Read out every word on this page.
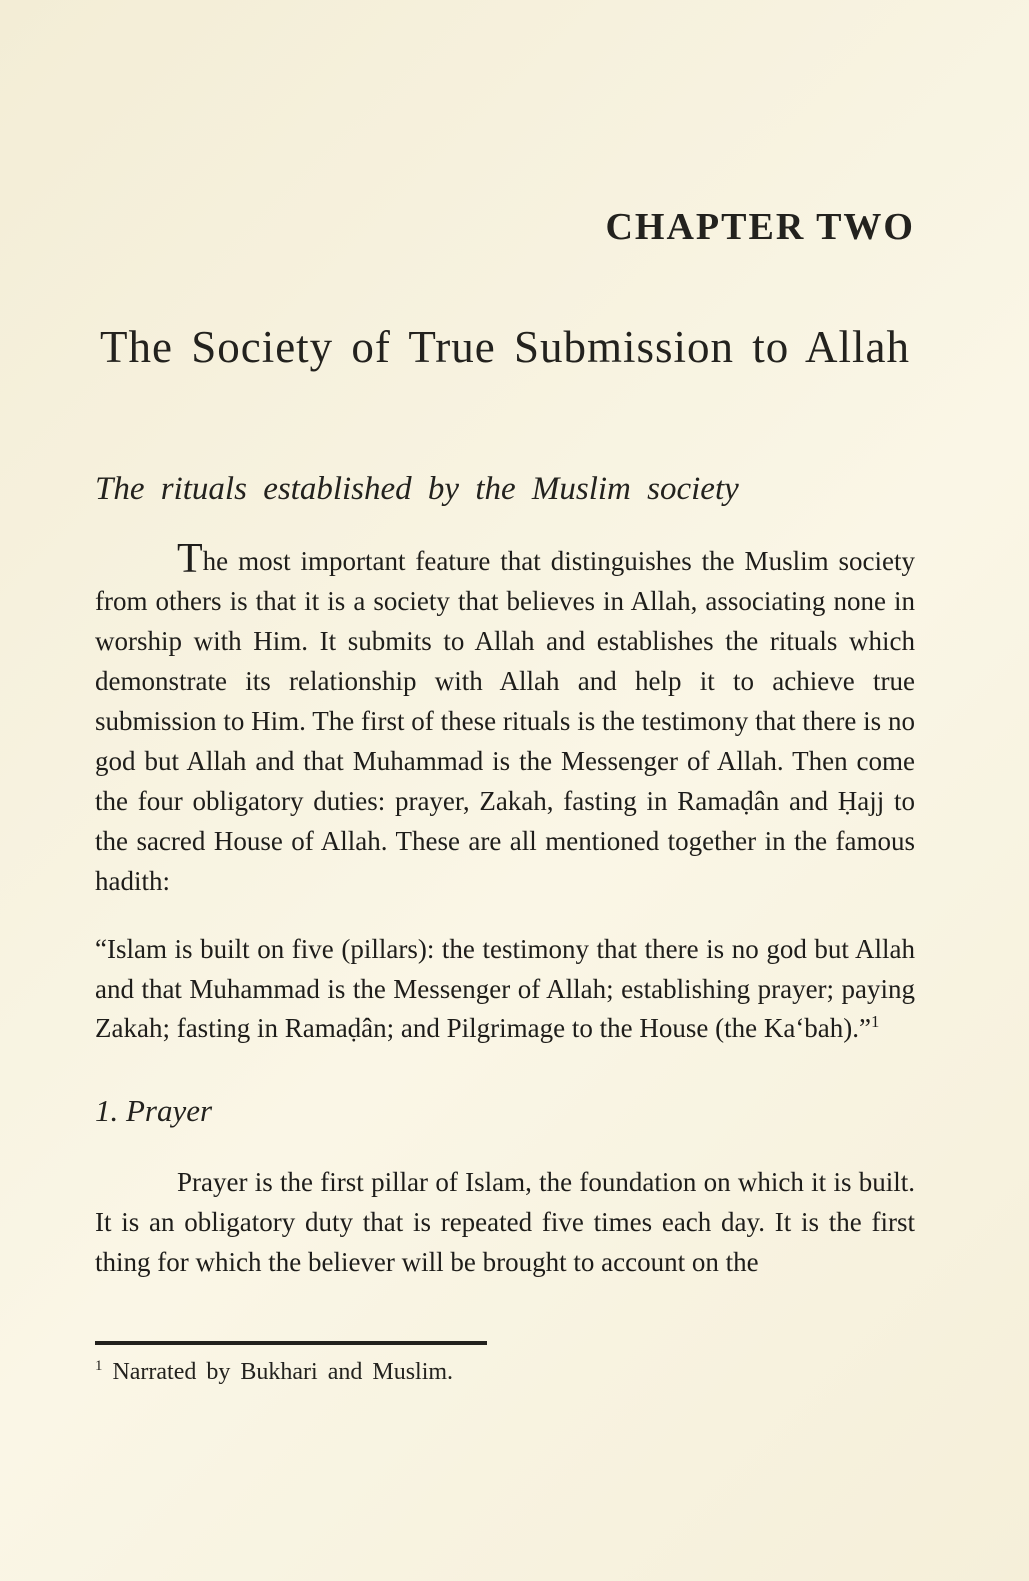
CHAPTER TWO
The Society of True Submission to Allah
The rituals established by the Muslim society

The most important feature that distinguishes the Muslim society from others is that it is a society that believes in Allah, associating none in worship with Him. It submits to Allah and establishes the rituals which demonstrate its relationship with Allah and help it to achieve true submission to Him. The first of these rituals is the testimony that there is no god but Allah and that Muhammad is the Messenger of Allah. Then come the four obligatory duties: prayer, Zakah, fasting in Ramaḍân and Ḥajj to the sacred House of Allah. These are all mentioned together in the famous hadith:

“Islam is built on five (pillars): the testimony that there is no god but Allah and that Muhammad is the Messenger of Allah; establishing prayer; paying Zakah; fasting in Ramaḍân; and Pilgrimage to the House (the Ka‘bah).”$^1$

1. Prayer

Prayer is the first pillar of Islam, the foundation on which it is built. It is an obligatory duty that is repeated five times each day. It is the first thing for which the believer will be brought to account on the

$^1$ Narrated by Bukhari and Muslim.
